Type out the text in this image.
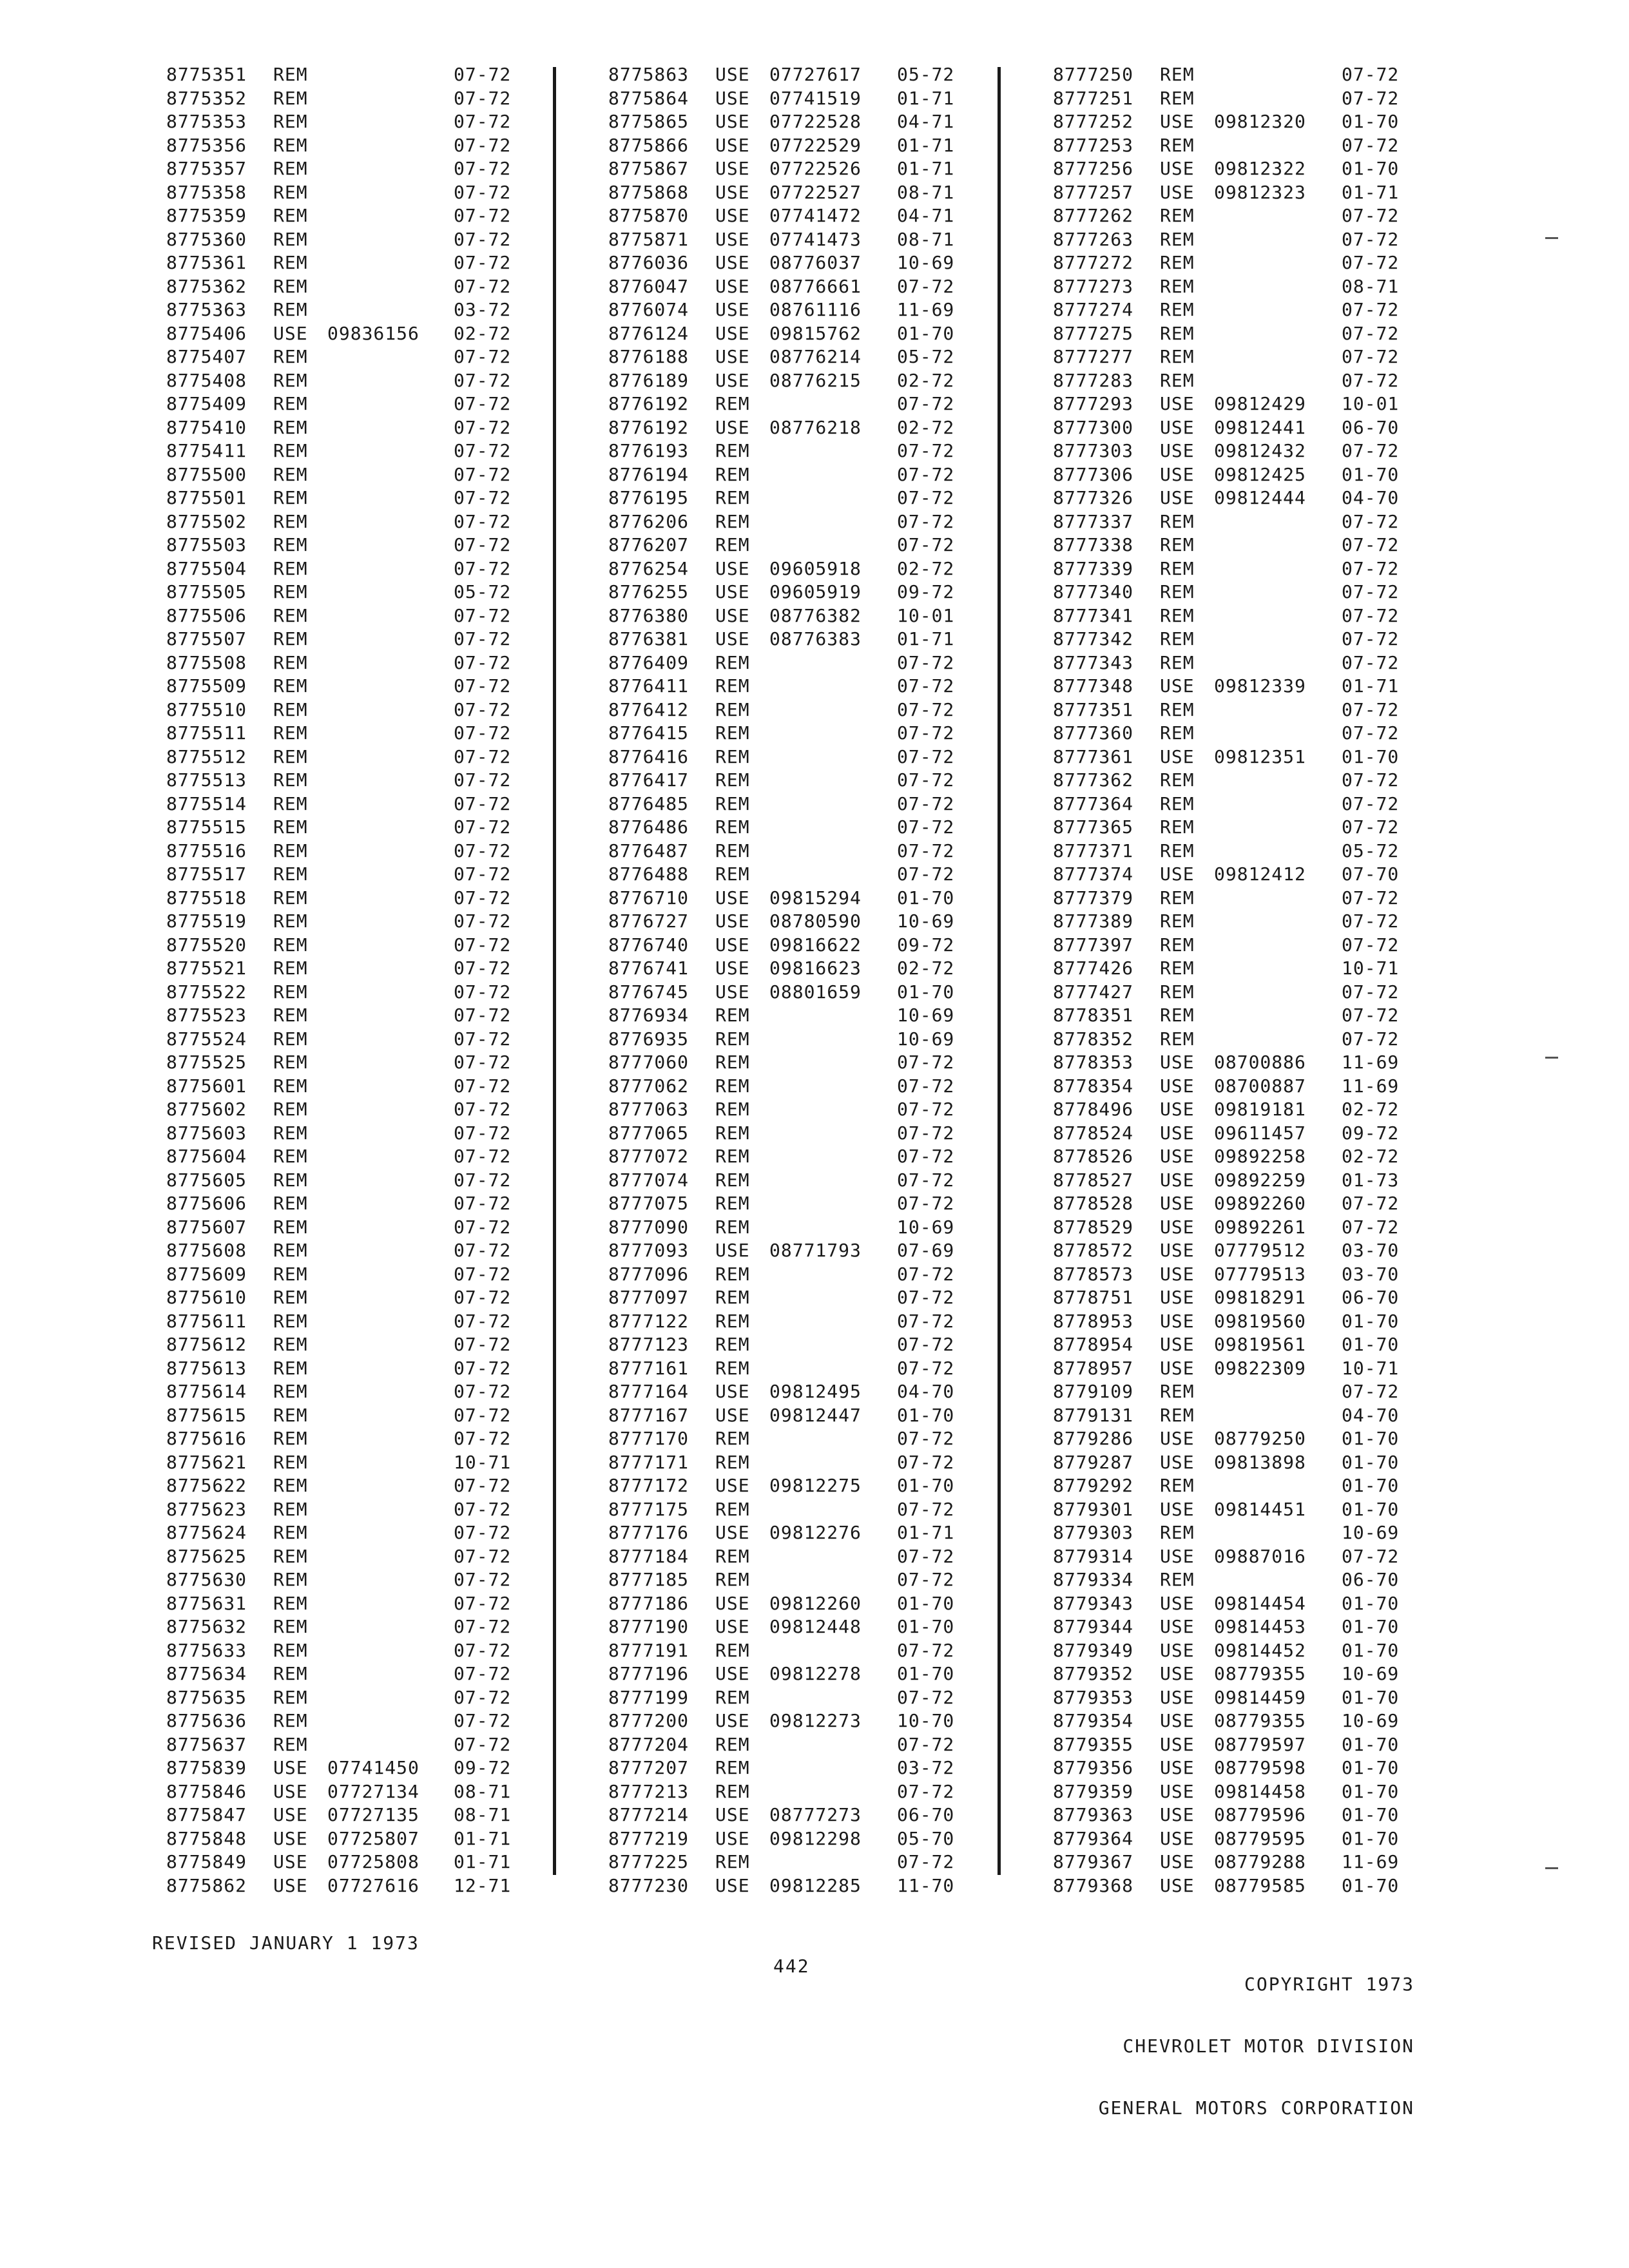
8775351 REM	07-72
8775352 REM	07-72
8775353 REM	07-72
8775356 REM	07-72
8775357 REM	07-72
8775358 REM	07-72
8775359 REM	07-72
8775360 REM	07-72
8775361 REM	07-72
8775362 REM	07-72
8775363 REM	03-72
8775406 USE 09836156 02-72
8775407 REM	07-72
8775408 REM	07-72
8775409 REM	07-72
8775410 REM	07-72
8775411 REM	07-72
8775500 REM	07-72
8775501 REM	07-72
8775502 REM	07-72
8775503 REM	07-72
8775504 REM	07-72
8775505 REM	05-72
8775506 REM	07-72
8775507 REM	07-72
8775508 REM	07-72
8775509 REM	07-72
8775510 REM	07-72
8775511 REM	07-72
8775512 REM	07-72
8775513 REM	07-72
8775514 REM	07-72
8775515 REM	07-72
8775516 REM	07-72
8775517 REM	07-72
8775518 REM	07-72
8775519 REM	07-72
8775520 REM	07-72
8775521 REM	07-72
8775522 REM	07-72
8775523 REM	07-72
8775524 REM	07-72
8775525 REM	07-72
8775601 REM	07-72
8775602 REM	07-72
8775603 REM	07-72
8775604 REM	07-72
8775605 REM	07-72
8775606 REM	07-72
8775607 REM	07-72
8775608 REM	07-72
8775609 REM	07-72
8775610 REM	07-72
8775611 REM	07-72
8775612 REM	07-72
8775613 REM	07-72
8775614 REM	07-72
8775615 REM	07-72
8775616 REM	07-72
8775621 REM	10-71
8775622 REM	07-72
8775623 REM	07-72
8775624 REM	07-72
8775625 REM	07-72
8775630 REM	07-72
8775631 REM	07-72
8775632 REM	07-72
8775633 REM	07-72
8775634 REM	07-72
8775635 REM	07-72
8775636 REM	07-72
8775637 REM	07-72
8775839 USE 07741450 09-72
8775846 USE 07727134 08-71
8775847 USE 07727135 08-71
8775848 USE 07725807 01-71
8775849 USE 07725808 01-71
8775862 USE 07727616 12-71
8775863 USE 07727617 05-72
8775864 USE 07741519 01-71
8775865 USE 07722528 04-71
8775866 USE 07722529 01-71
8775867 USE 07722526 01-71
8775868 USE 07722527 08-71
8775870 USE 07741472 04-71
8775871 USE 07741473 08-71
8776036 USE 08776037 10-69
8776047 USE 08776661 07-72
8776074 USE 08761116 11-69
8776124 USE 09815762 01-70
8776188 USE 08776214 05-72
8776189 USE 08776215 02-72
8776192 REM	07-72
8776192 USE 08776218 02-72
8776193 REM	07-72
8776194 REM	07-72
8776195 REM	07-72
8776206 REM	07-72
8776207 REM	07-72
8776254 USE 09605918 02-72
8776255 USE 09605919 09-72
8776380 USE 08776382 10-01
8776381 USE 08776383 01-71
8776409 REM	07-72
8776411 REM	07-72
8776412 REM	07-72
8776415 REM	07-72
8776416 REM	07-72
8776417 REM	07-72
8776485 REM	07-72
8776486 REM	07-72
8776487 REM	07-72
8776488 REM	07-72
8776710 USE 09815294 01-70
8776727 USE 08780590 10-69
8776740 USE 09816622 09-72
8776741 USE 09816623 02-72
8776745 USE 08801659 01-70
8776934 REM	10-69
8776935 REM	10-69
8777060 REM	07-72
8777062 REM	07-72
8777063 REM	07-72
8777065 REM	07-72
8777072 REM	07-72
8777074 REM	07-72
8777075 REM	07-72
8777090 REM	10-69
8777093 USE 08771793 07-69
8777096 REM	07-72
8777097 REM	07-72
8777122 REM	07-72
8777123 REM	07-72
8777161 REM	07-72
8777164 USE 09812495 04-70
8777167 USE 09812447 01-70
8777170 REM	07-72
8777171 REM	07-72
8777172 USE 09812275 01-70
8777175 REM	07-72
8777176 USE 09812276 01-71
8777184 REM	07-72
8777185 REM	07-72
8777186 USE 09812260 01-70
8777190 USE 09812448 01-70
8777191 REM	07-72
8777196 USE 09812278 01-70
8777199 REM	07-72
8777200 USE 09812273 10-70
8777204 REM	07-72
8777207 REM	03-72
8777213 REM	07-72
8777214 USE 08777273 06-70
8777219 USE 09812298 05-70
8777225 REM	07-72
8777230 USE 09812285 11-70
8777250 REM	07-72
8777251 REM	07-72
8777252 USE 09812320 01-70
8777253 REM	07-72
8777256 USE 09812322 01-70
8777257 USE 09812323 01-71
8777262 REM	07-72
8777263 REM	07-72
8777272 REM	07-72
8777273 REM	08-71
8777274 REM	07-72
8777275 REM	07-72
8777277 REM	07-72
8777283 REM	07-72
8777293 USE 09812429 10-01
8777300 USE 09812441 06-70
8777303 USE 09812432 07-72
8777306 USE 09812425 01-70
8777326 USE 09812444 04-70
8777337 REM	07-72
8777338 REM	07-72
8777339 REM	07-72
8777340 REM	07-72
8777341 REM	07-72
8777342 REM	07-72
8777343 REM	07-72
8777348 USE 09812339 01-71
8777351 REM	07-72
8777360 REM	07-72
8777361 USE 09812351 01-70
8777362 REM	07-72
8777364 REM	07-72
8777365 REM	07-72
8777371 REM	05-72
8777374 USE 09812412 07-70
8777379 REM	07-72
8777389 REM	07-72
8777397 REM	07-72
8777426 REM	10-71
8777427 REM	07-72
8778351 REM	07-72
8778352 REM	07-72
8778353 USE 08700886 11-69
8778354 USE 08700887 11-69
8778496 USE 09819181 02-72
8778524 USE 09611457 09-72
8778526 USE 09892258 02-72
8778527 USE 09892259 01-73
8778528 USE 09892260 07-72
8778529 USE 09892261 07-72
8778572 USE 07779512 03-70
8778573 USE 07779513 03-70
8778751 USE 09818291 06-70
8778953 USE 09819560 01-70
8778954 USE 09819561 01-70
8778957 USE 09822309 10-71
8779109 REM	07-72
8779131 REM	04-70
8779286 USE 08779250 01-70
8779287 USE 09813898 01-70
8779292 REM	01-70
8779301 USE 09814451 01-70
8779303 REM	10-69
8779314 USE 09887016 07-72
8779334 REM	06-70
8779343 USE 09814454 01-70
8779344 USE 09814453 01-70
8779349 USE 09814452 01-70
8779352 USE 08779355 10-69
8779353 USE 09814459 01-70
8779354 USE 08779355 10-69
8779355 USE 08779597 01-70
8779356 USE 08779598 01-70
8779359 USE 09814458 01-70
8779363 USE 08779596 01-70
8779364 USE 08779595 01-70
8779367 USE 08779288 11-69
8779368 USE 08779585 01-70
REVISED JANUARY 1 1973
442

COPYRIGHT 1973

CHEVROLET MOTOR DIVISION

GENERAL MOTORS CORPORATION
